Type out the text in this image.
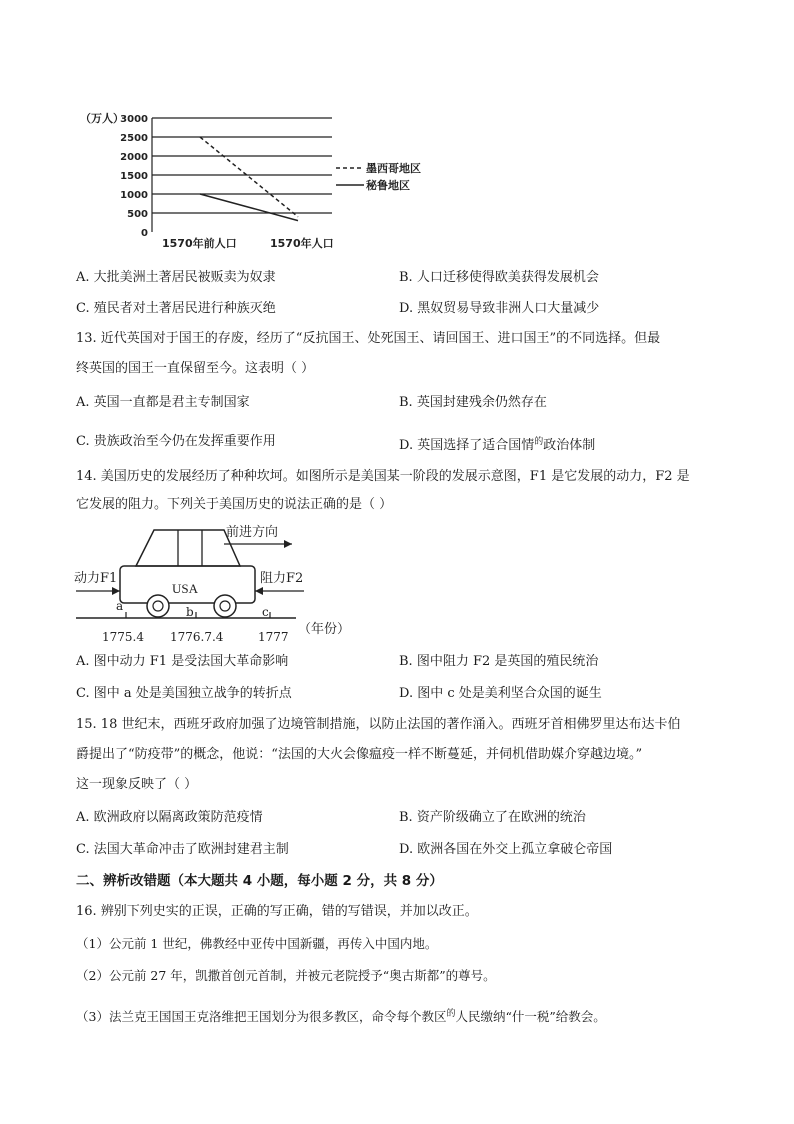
（万人）
3000
2500
2000
1500
1000
500
0
1570年前人口	1570年人口
墨西哥地区
秘鲁地区
A. 大批美洲土著居民被贩卖为奴隶	B. 人口迁移使得欧美获得发展机会
C. 殖民者对土著居民进行种族灭绝	D. 黑奴贸易导致非洲人口大量减少
13. 近代英国对于国王的存废，经历了“反抗国王、处死国王、请回国王、进口国王”的不同选择。但最
终英国的国王一直保留至今。这表明（ ）
A. 英国一直都是君主专制国家	B. 英国封建残余仍然存在
C. 贵族政治至今仍在发挥重要作用	D. 英国选择了适合国情$^的$政治体制
14. 美国历史的发展经历了种种坎坷。如图所示是美国某一阶段的发展示意图，F1 是它发展的动力，F2 是
它发展的阻力。下列关于美国历史的说法正确的是（ ）
USA
前进方向
动力F1	阻力F2
a	b	c
1775.4 1776.7.4	1777 （年份）
A. 图中动力 F1 是受法国大革命影响	B. 图中阻力 F2 是英国的殖民统治
C. 图中 a 处是美国独立战争的转折点	D. 图中 c 处是美利坚合众国的诞生
15. 18 世纪末，西班牙政府加强了边境管制措施，以防止法国的著作涌入。西班牙首相佛罗里达布达卡伯
爵提出了“防疫带”的概念，他说：“法国的大火会像瘟疫一样不断蔓延，并伺机借助媒介穿越边境。”
这一现象反映了（ ）
A. 欧洲政府以隔离政策防范疫情	B. 资产阶级确立了在欧洲的统治
C. 法国大革命冲击了欧洲封建君主制	D. 欧洲各国在外交上孤立拿破仑帝国
二、辨析改错题（本大题共 4 小题，每小题 2 分，共 8 分）
16. 辨别下列史实的正误，正确的写正确，错的写错误，并加以改正。
（1）公元前 1 世纪，佛教经中亚传中国新疆，再传入中国内地。
（2）公元前 27 年，凯撒首创元首制，并被元老院授予“奥古斯都”的尊号。
（3）法兰克王国国王克洛维把王国划分为很多教区，命令每个教区$^的$人民缴纳“什一税”给教会。
